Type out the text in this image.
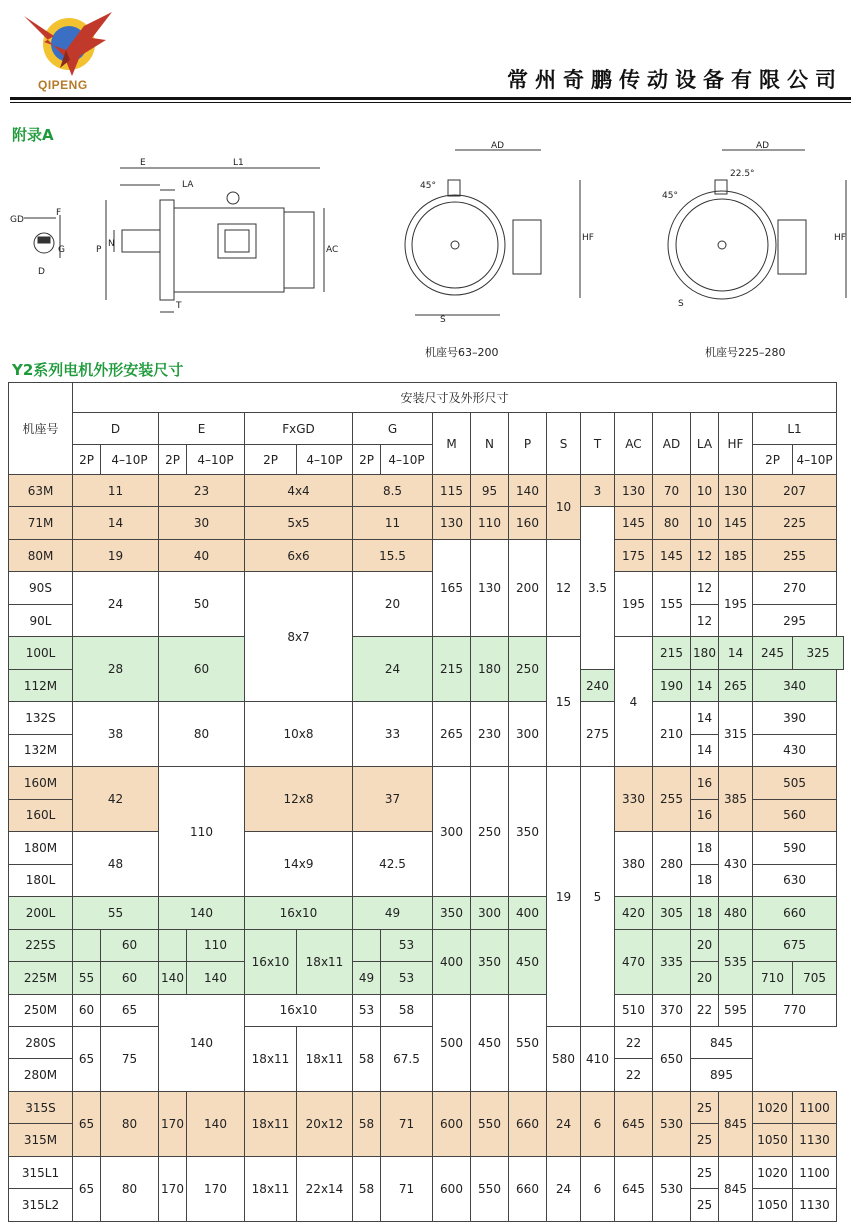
QIPENG	常州奇鹏传动设备有限公司
附录A
F
GD
G
D
E	L1
LA
P
N
AC
T
AD
45°
HF
S
AD
22.5°
45°
HF
S
机座号63–200	机座号225–280
Y2系列电机外形安装尺寸
机座号	安装尺寸及外形尺寸																		
	D		E		FxGD		G		M	N	P	S	T	AC	AD	LA	HF	L1	
	2P	4–10P	2P	4–10P	2P	4–10P	2P	4–10P										2P	4–10P
63M	11		23		4x4		8.5		115	95	140	10	3	130	70	10	130	207	
71M	14		30		5x5		11		130	110	160		3.5	145	80	10	145	225	
80M	19		40		6x6		15.5		165	130	200	12		175	145	12	185	255	
90S	24		50		8x7		20							195	155	12	195	270	
90L																12		295	
100L	28		60				24		215	180	250	15		4	215	180	14	245	325
112M													240		190	14	265	340	
132S	38		80		10x8		33		265	230	300		275		210	14	315	390	
132M																14		430	
160M	42		110		12x8		37		300	250	350	19	5	330	255	16	385	505	
160L																16		560	
180M	48				14x9		42.5							380	280	18	430	590	
180L																18		630	
200L	55		140		16x10		49		350	300	400			420	305	18	480	660	
225S		60		110	16x10	18x11		53	400	350	450			470	335	20	535	675	
225M	55	60	140	140			49	53								20		710	705
250M	60	65	140		16x10		53	58	500	450	550			510	370	22	595	770	
280S	65	75			18x11	18x11	58	67.5				580	410	22	650	845			
280M														22		895			
315S	65	80	170	140	18x11	20x12	58	71	600	550	660	24	6	645	530	25	845	1020	1100
315M																25		1050	1130
315L1	65	80	170	170	18x11	22x14	58	71	600	550	660	24	6	645	530	25	845	1020	1100
315L2																25		1050	1130
